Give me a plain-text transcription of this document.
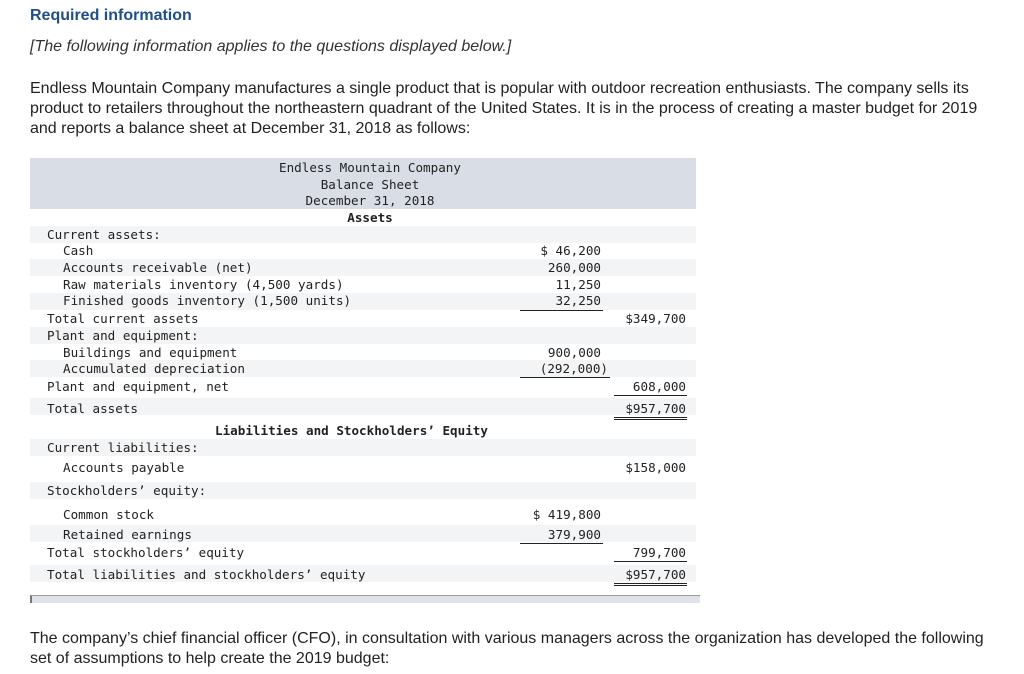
Required information
[The following information applies to the questions displayed below.]
Endless Mountain Company manufactures a single product that is popular with outdoor recreation enthusiasts. The company sells its product to retailers throughout the northeastern quadrant of the United States. It is in the process of creating a master budget for 2019 and reports a balance sheet at December 31, 2018 as follows:
Endless Mountain Company
Balance Sheet
December 31, 2018
Assets
Current assets:
Cash
Accounts receivable (net)
Raw materials inventory (4,500 yards)
Finished goods inventory (1,500 units)
Total current assets
Plant and equipment:
Buildings and equipment
Accumulated depreciation
Plant and equipment, net
Total assets
Liabilities and Stockholders’ Equity
Current liabilities:
Accounts payable
Stockholders’ equity:
Common stock
Retained earnings
Total stockholders’ equity
Total liabilities and stockholders’ equity
$ 46,200
260,000
11,250
32,250
900,000
(292,000)
$ 419,800
379,900
$349,700
608,000
$957,700
$158,000
799,700
$957,700
The company’s chief financial officer (CFO), in consultation with various managers across the organization has developed the following set of assumptions to help create the 2019 budget:
